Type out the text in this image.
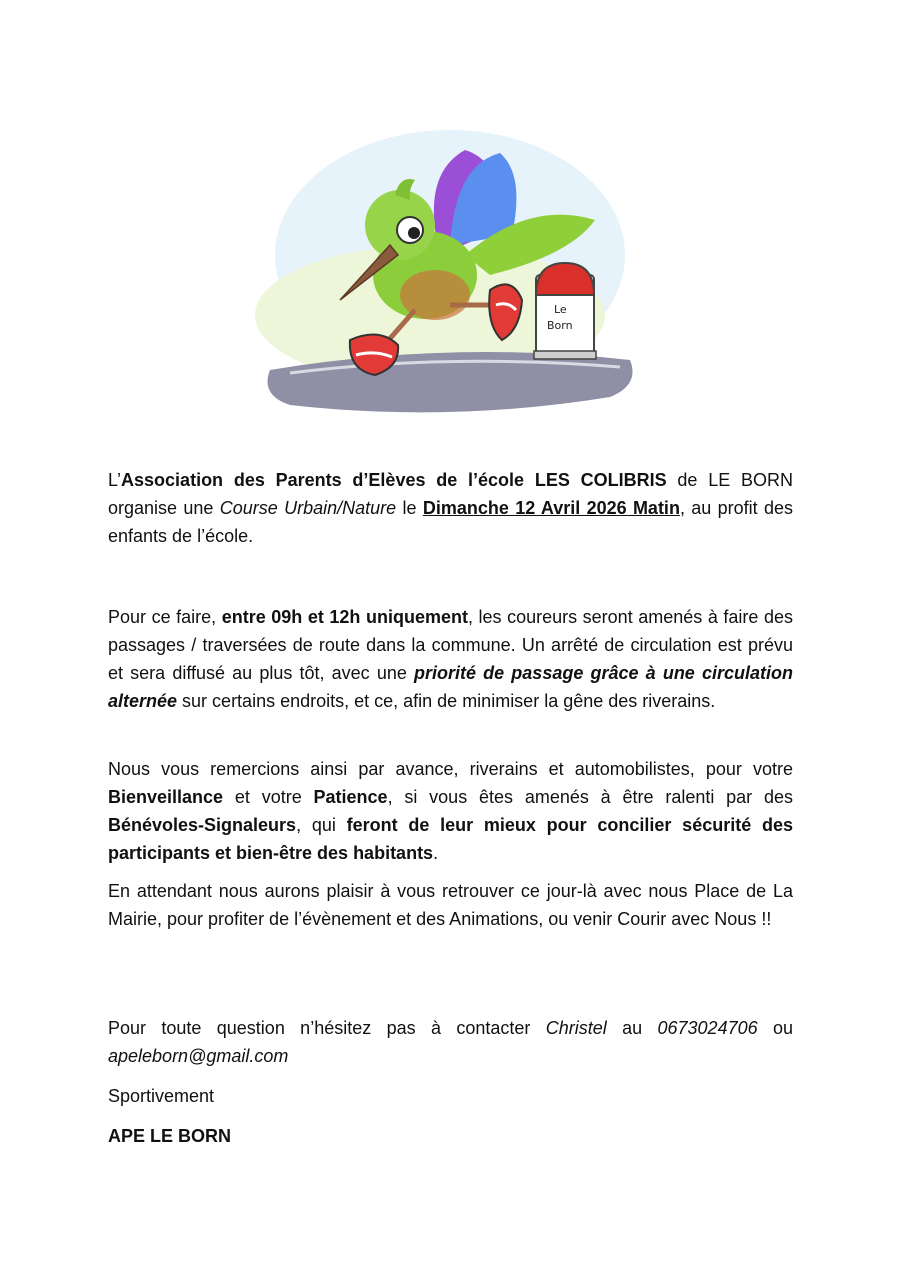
Le
Born

L’Association des Parents d’Elèves de l’école LES COLIBRIS de LE BORN organise une Course Urbain/Nature le Dimanche 12 Avril 2026 Matin, au profit des enfants de l’école.

Pour ce faire, entre 09h et 12h uniquement, les coureurs seront amenés à faire des passages / traversées de route dans la commune. Un arrêté de circulation est prévu et sera diffusé au plus tôt, avec une priorité de passage grâce à une circulation alternée sur certains endroits, et ce, afin de minimiser la gêne des riverains.

Nous vous remercions ainsi par avance, riverains et automobilistes, pour votre Bienveillance et votre Patience, si vous êtes amenés à être ralenti par des Bénévoles-Signaleurs, qui feront de leur mieux pour concilier sécurité des participants et bien-être des habitants.

En attendant nous aurons plaisir à vous retrouver ce jour-là avec nous Place de La Mairie, pour profiter de l’évènement et des Animations, ou venir Courir avec Nous !!

Pour toute question n’hésitez pas à contacter Christel au 0673024706 ou apeleborn@gmail.com

Sportivement

APE LE BORN
